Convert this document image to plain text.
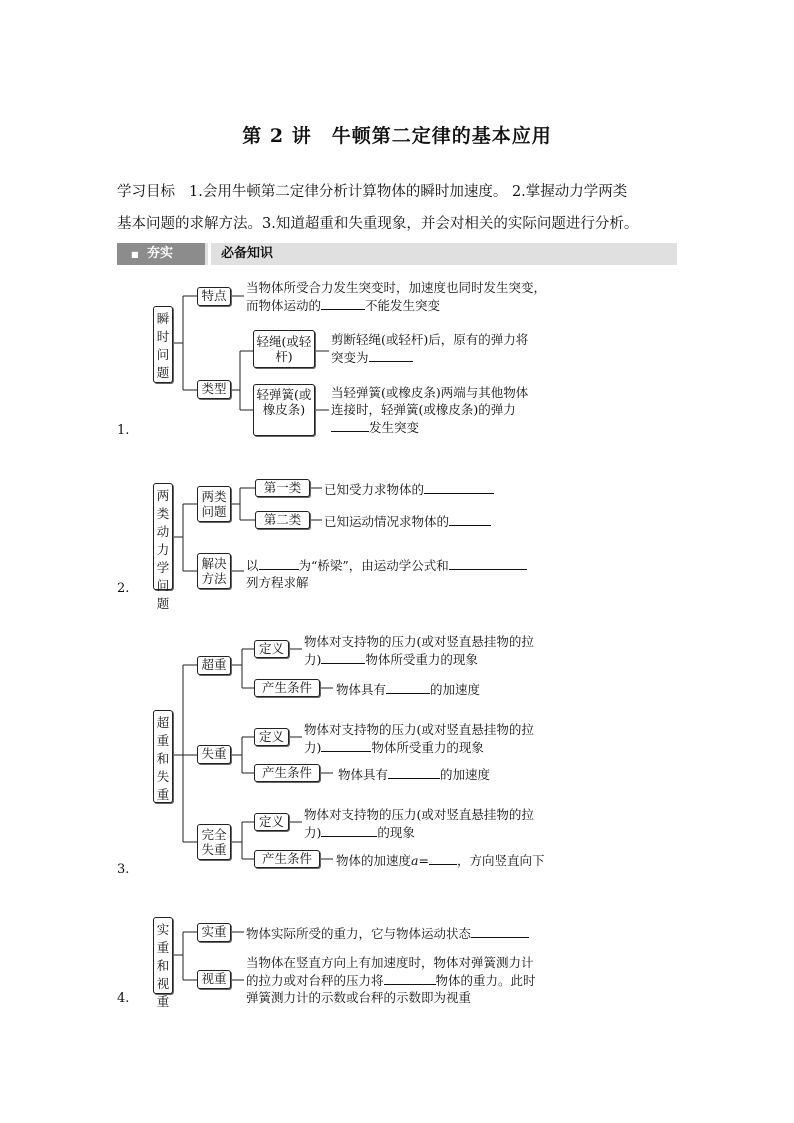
第 2 讲　牛顿第二定律的基本应用
学习目标 1.会用牛顿第二定律分析计算物体的瞬时加速度。 2.掌握动力学两类
基本问题的求解方法。3.知道超重和失重现象，并会对相关的实际问题进行分析。
■ 夯实	必备知识
瞬时问题
特点
当物体所受合力发生突变时，加速度也同时发生突变，
而物体运动的	不能发生突变
类型
轻绳(或轻杆)
剪断轻绳(或轻杆)后，原有的弹力将
突变为
轻弹簧(或橡皮条)
当轻弹簧(或橡皮条)两端与其他物体
连接时，轻弹簧(或橡皮条)的弹力
发生突变
1.
两类动力学问题
两类问题
第一类	已知受力求物体的
第二类	已知运动情况求物体的
解决方法
以	为“桥梁”，由运动学公式和
列方程求解
2.
超重和失重
超重
定义	物体对支持物的压力(或对竖直悬挂物的拉
力)	物体所受重力的现象
产生条件	物体具有	的加速度
失重
定义	物体对支持物的压力(或对竖直悬挂物的拉
力)	物体所受重力的现象
产生条件	物体具有	的加速度
完全失重
定义	物体对支持物的压力(或对竖直悬挂物的拉
力)	的现象
产生条件	物体的加速度a= ，方向竖直向下
3.
实重和视重
实重	物体实际所受的重力，它与物体运动状态
视重
当物体在竖直方向上有加速度时，物体对弹簧测力计
的拉力或对台秤的压力将	物体的重力。此时
弹簧测力计的示数或台秤的示数即为视重
4.
